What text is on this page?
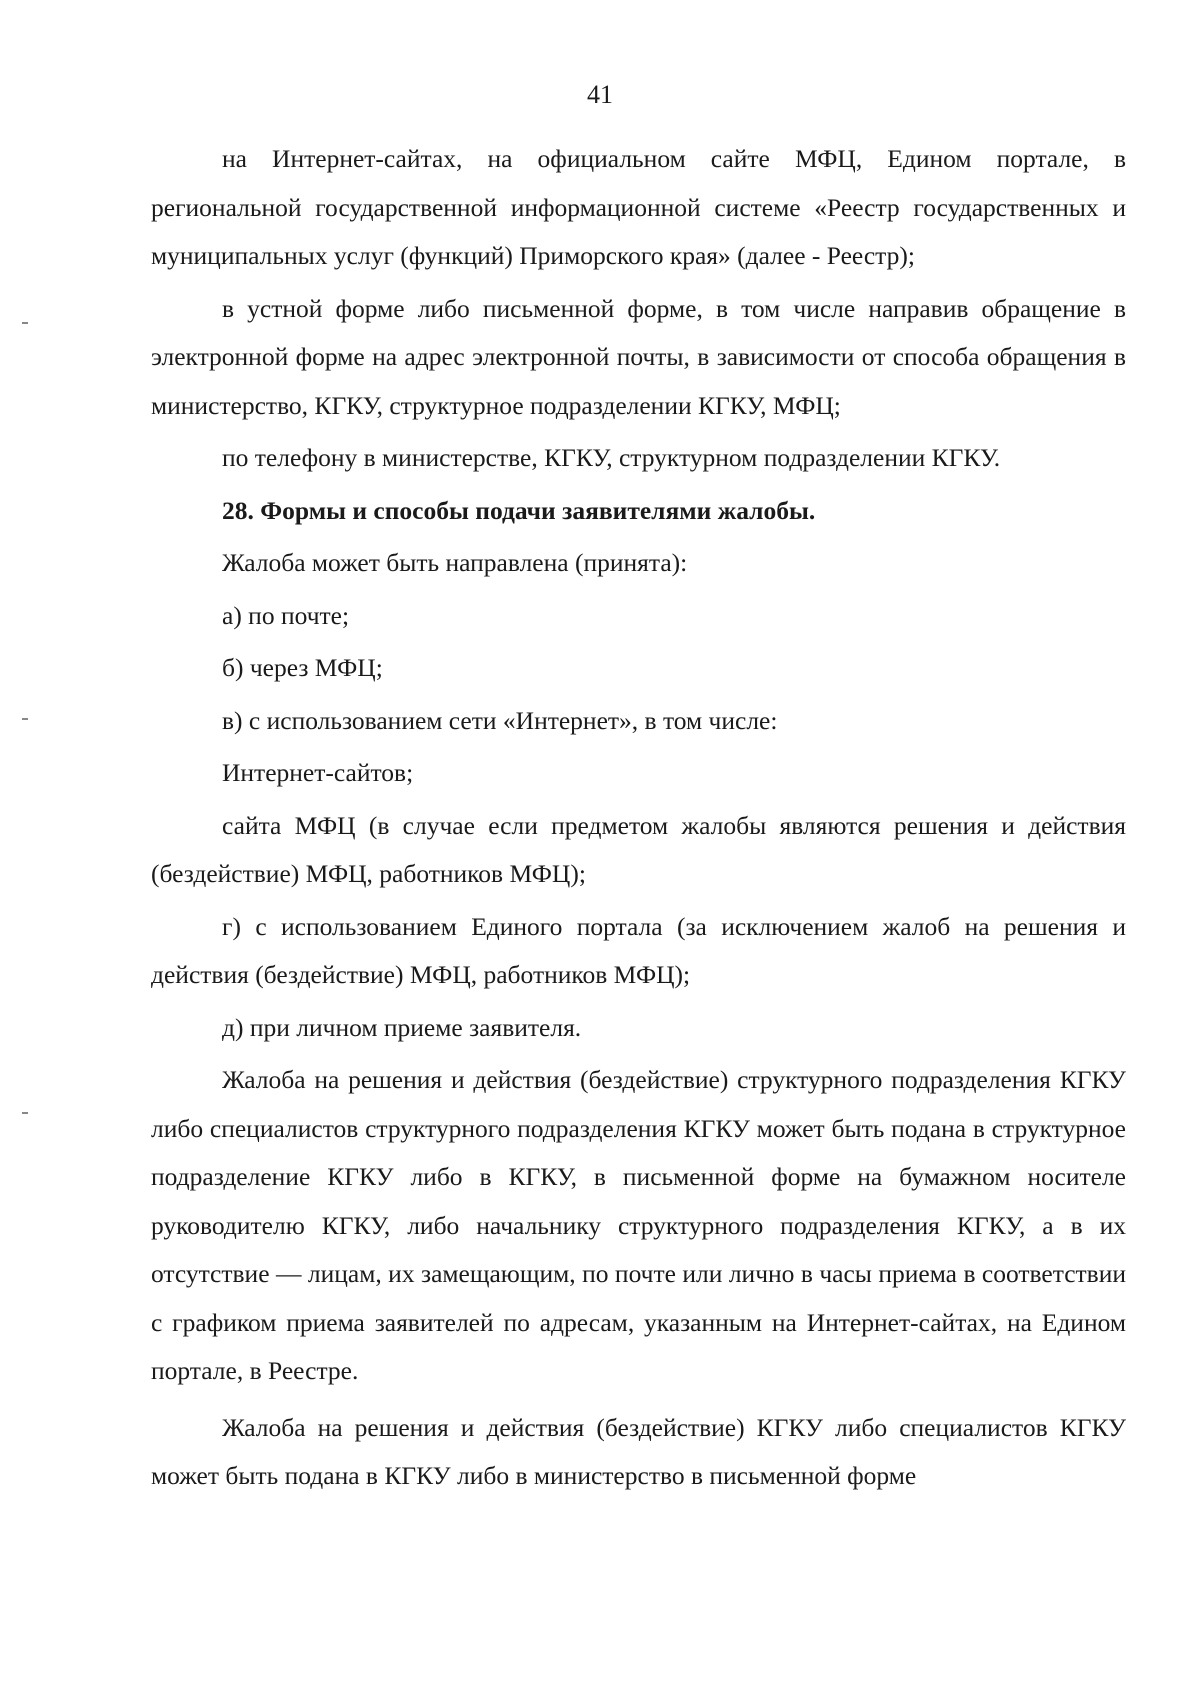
41

на Интернет-сайтах, на официальном сайте МФЦ, Едином портале, в региональной государственной информационной системе «Реестр государственных и муниципальных услуг (функций) Приморского края» (далее - Реестр);

в устной форме либо письменной форме, в том числе направив обращение в электронной форме на адрес электронной почты, в зависимости от способа обращения в министерство, КГКУ, структурное подразделении КГКУ, МФЦ;

по телефону в министерстве, КГКУ, структурном подразделении КГКУ.

28. Формы и способы подачи заявителями жалобы.

Жалоба может быть направлена (принята):

а) по почте;

б) через МФЦ;

в) с использованием сети «Интернет», в том числе:

Интернет-сайтов;

сайта МФЦ (в случае если предметом жалобы являются решения и действия (бездействие) МФЦ, работников МФЦ);

г) с использованием Единого портала (за исключением жалоб на решения и действия (бездействие) МФЦ, работников МФЦ);

д) при личном приеме заявителя.

Жалоба на решения и действия (бездействие) структурного подразделения КГКУ либо специалистов структурного подразделения КГКУ может быть подана в структурное подразделение КГКУ либо в КГКУ, в письменной форме на бумажном носителе руководителю КГКУ, либо начальнику структурного подразделения КГКУ, а в их отсутствие — лицам, их замещающим, по почте или лично в часы приема в соответствии с графиком приема заявителей по адресам, указанным на Интернет-сайтах, на Едином портале, в Реестре.

Жалоба на решения и действия (бездействие) КГКУ либо специалистов КГКУ может быть подана в КГКУ либо в министерство в письменной форме
